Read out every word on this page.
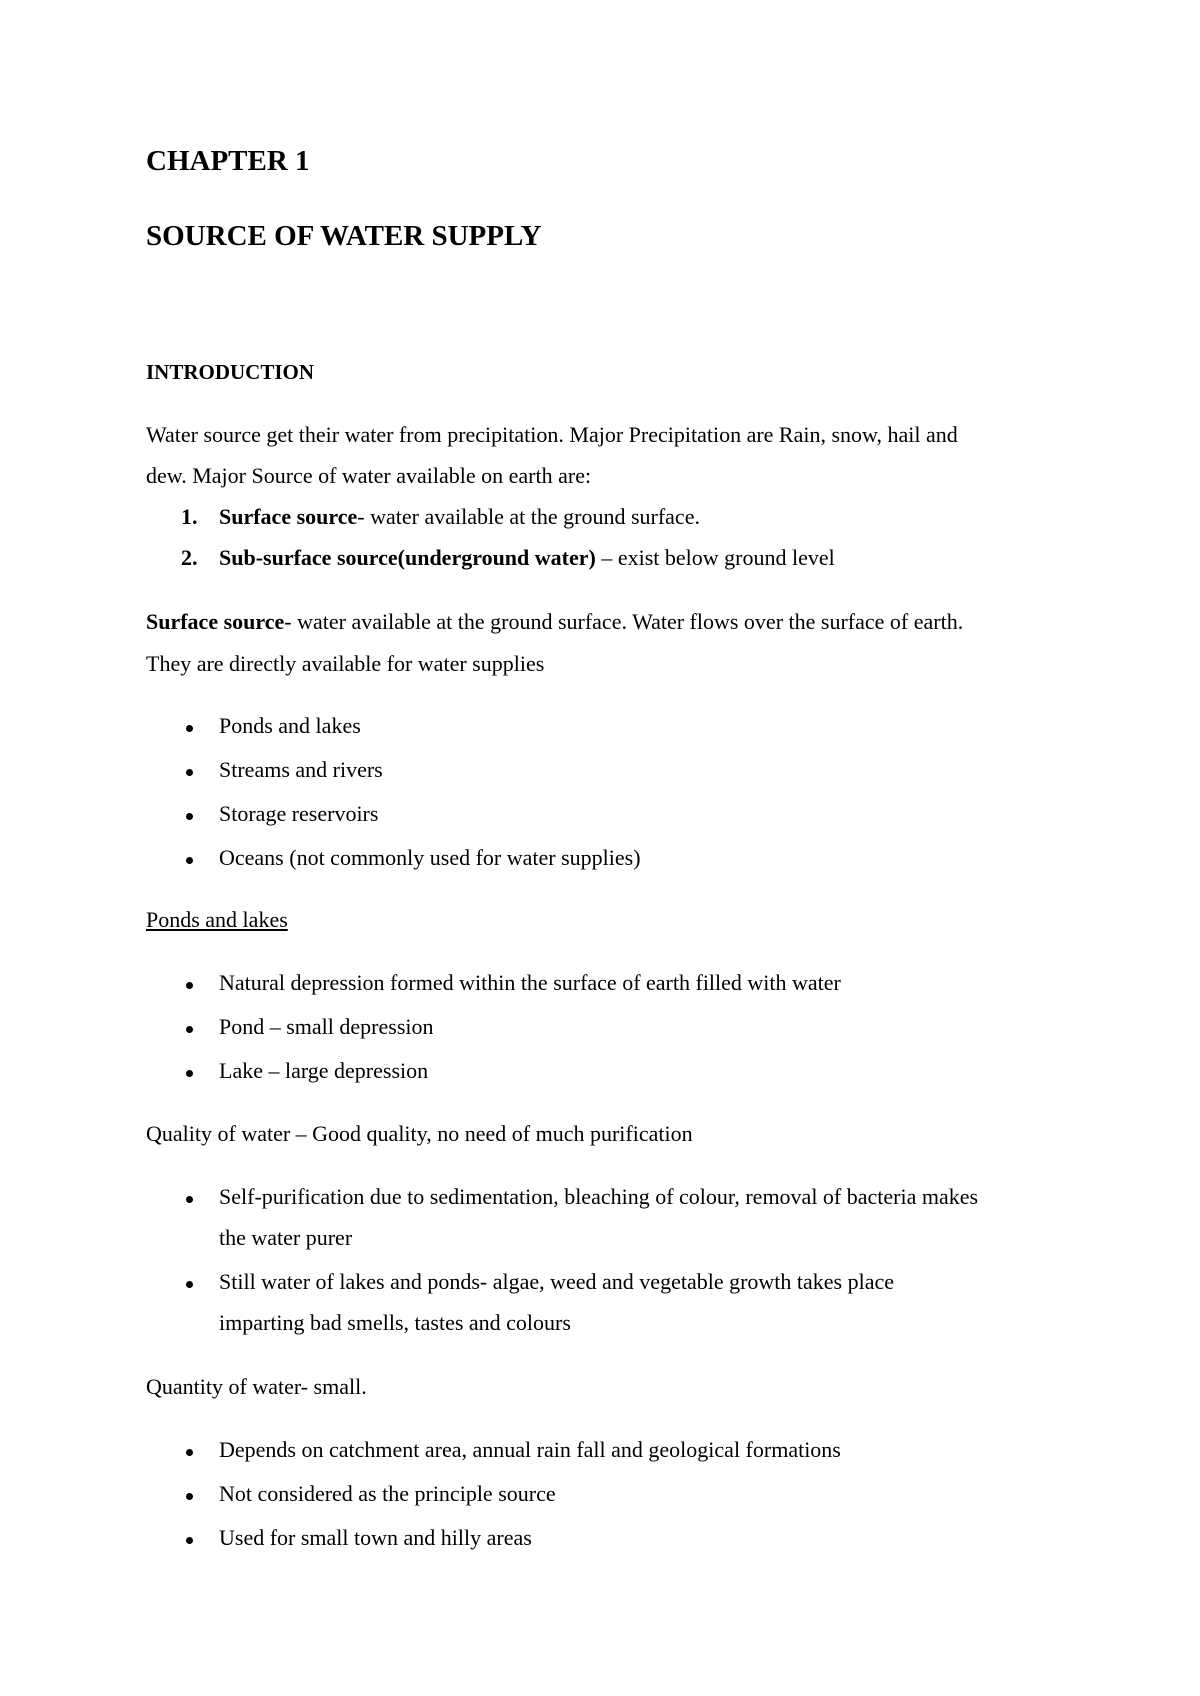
CHAPTER 1
SOURCE OF WATER SUPPLY
INTRODUCTION
Water source get their water from precipitation. Major Precipitation are Rain, snow, hail and
dew. Major Source of water available on earth are:
1. Surface source- water available at the ground surface.
2. Sub-surface source(underground water) – exist below ground level
Surface source- water available at the ground surface. Water flows over the surface of earth.
They are directly available for water supplies
Ponds and lakes
Streams and rivers
Storage reservoirs
Oceans (not commonly used for water supplies)
Ponds and lakes
Natural depression formed within the surface of earth filled with water
Pond – small depression
Lake – large depression
Quality of water – Good quality, no need of much purification
Self-purification due to sedimentation, bleaching of colour, removal of bacteria makes
the water purer
Still water of lakes and ponds- algae, weed and vegetable growth takes place
imparting bad smells, tastes and colours
Quantity of water- small.
Depends on catchment area, annual rain fall and geological formations
Not considered as the principle source
Used for small town and hilly areas
